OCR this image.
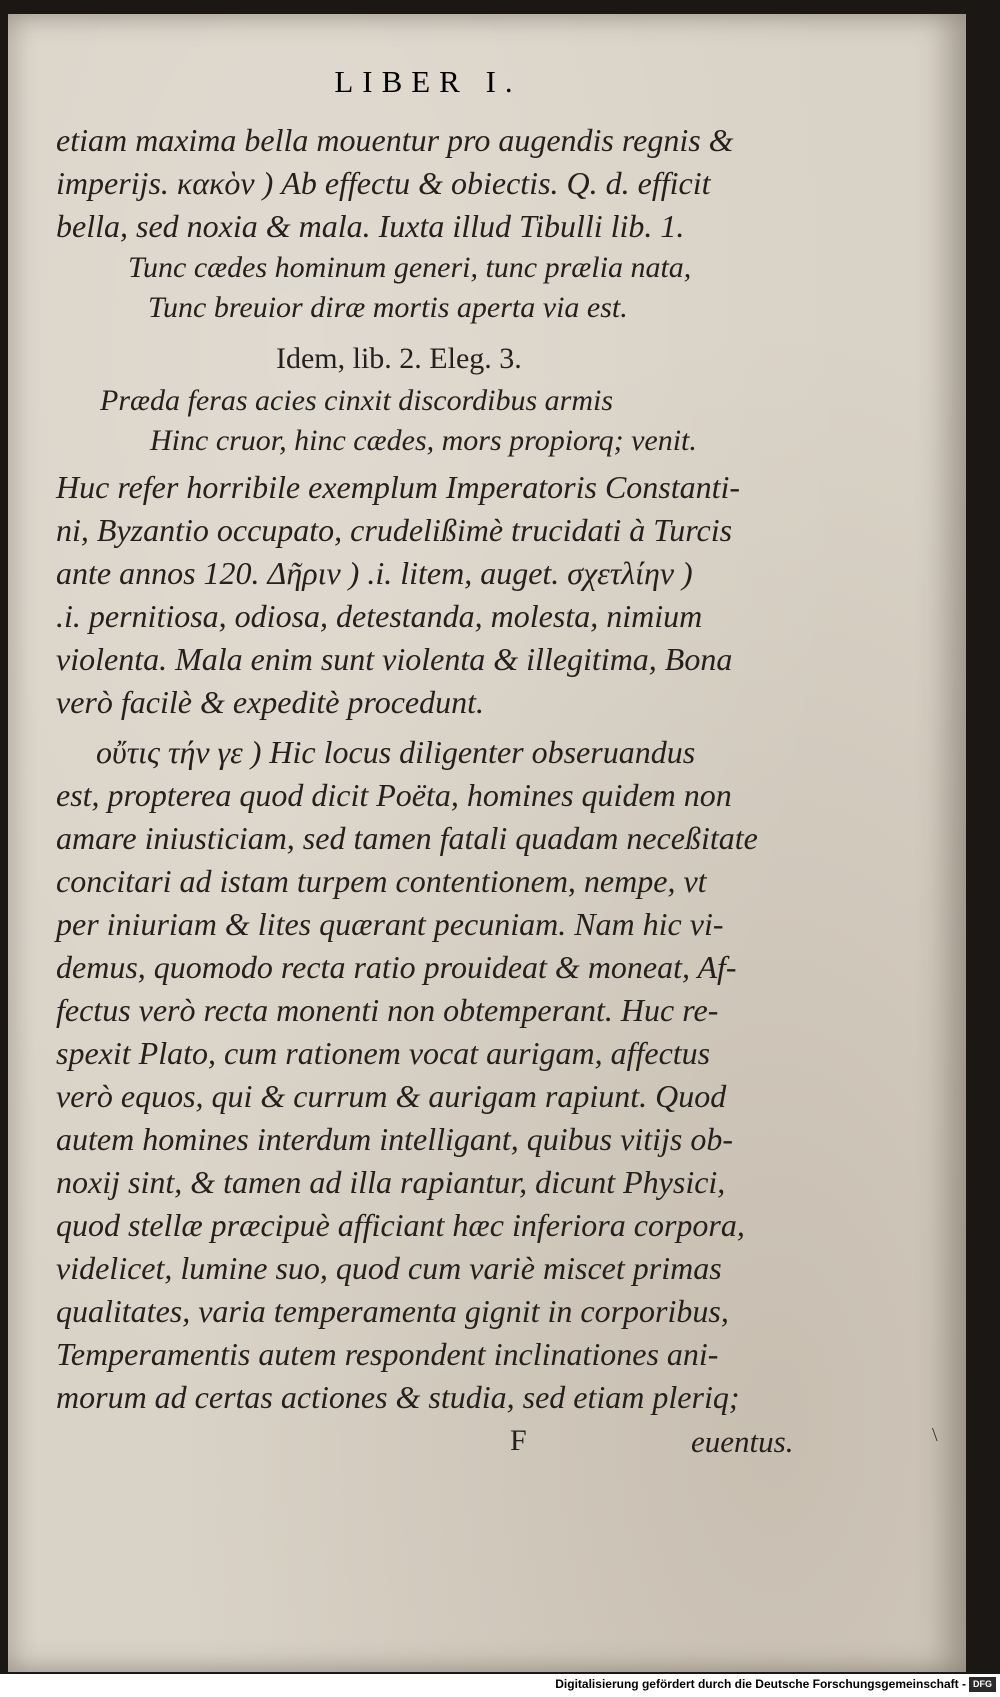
LIBER I.
etiam maxima bella mouentur pro augendis regnis &
imperijs. κακὸν ) Ab effectu & obiectis. Q. d. efficit
bella, sed noxia & mala. Iuxta illud Tibulli lib. 1.
Tunc cædes hominum generi, tunc prælia nata,
Tunc breuior diræ mortis aperta via est.
Idem, lib. 2. Eleg. 3.
Præda feras acies cinxit discordibus armis
Hinc cruor, hinc cædes, mors propiorq; venit.
Huc refer horribile exemplum Imperatoris Constanti-
ni, Byzantio occupato, crudelißimè trucidati à Turcis
ante annos 120. Δῆριν ) .i. litem, auget. σχετλίην )
.i. pernitiosa, odiosa, detestanda, molesta, nimium
violenta. Mala enim sunt violenta & illegitima, Bona
verò facilè & expeditè procedunt.
οὔτις τήν γε ) Hic locus diligenter obseruandus
est, propterea quod dicit Poëta, homines quidem non
amare iniusticiam, sed tamen fatali quadam neceßitate
concitari ad istam turpem contentionem, nempe, vt
per iniuriam & lites quærant pecuniam. Nam hic vi-
demus, quomodo recta ratio prouideat & moneat, Af-
fectus verò recta monenti non obtemperant. Huc re-
spexit Plato, cum rationem vocat aurigam, affectus
verò equos, qui & currum & aurigam rapiunt. Quod
autem homines interdum intelligant, quibus vitijs ob-
noxij sint, & tamen ad illa rapiantur, dicunt Physici,
quod stellæ præcipuè afficiant hæc inferiora corpora,
videlicet, lumine suo, quod cum variè miscet primas
qualitates, varia temperamenta gignit in corporibus,
Temperamentis autem respondent inclinationes ani-
morum ad certas actiones & studia, sed etiam pleriq;
F	euentus.	\
Digitalisierung gefördert durch die Deutsche Forschungsgemeinschaft - DFG
